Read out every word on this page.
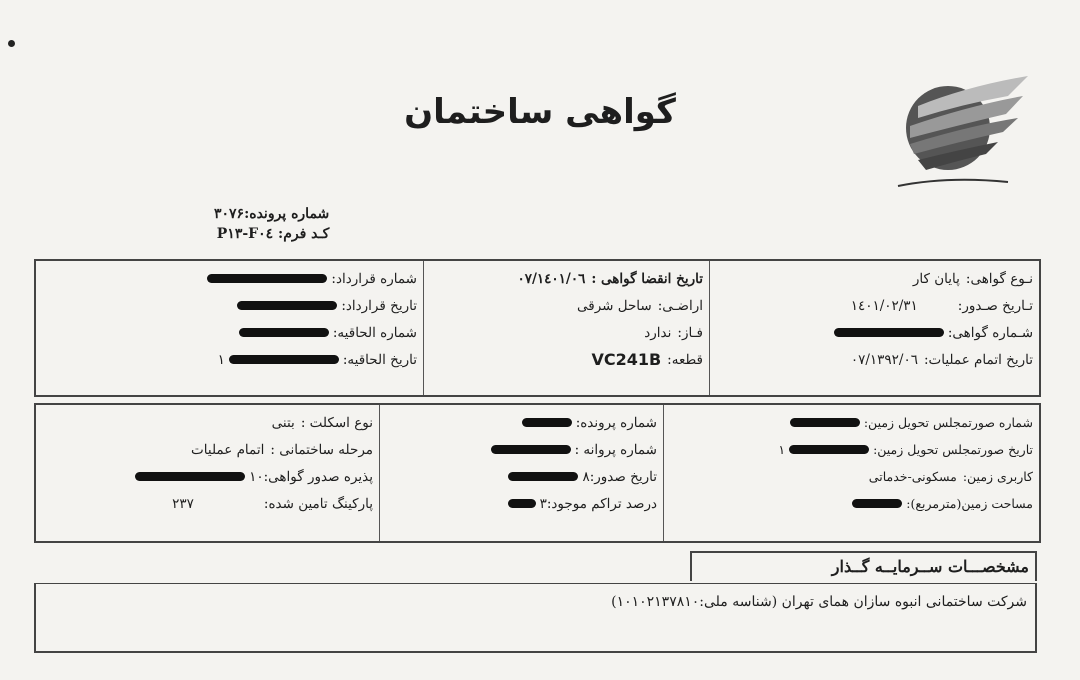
گواهی ساختمان
شماره پرونده:۳۰۷۶
کـد فرم: F۰٤-P۱۳
نـوع گواهی:
پایان کار
تـاریخ صـدور:
۱٤۰۱/۰۲/۳۱
شـماره گواهی:
تاریخ اتمام عملیات:
۱۳۹۲/۰٦/۰۷
تاریخ انقضا گواهی :
۱٤۰۱/۰٦/۰۷
اراضـی:
ساحل شرقی
فـاز:
ندارد
قطعه:
VC241B
شماره قرارداد:
تاریخ قرارداد:
شماره الحاقیه:
تاریخ الحاقیه:
۱
شماره صورتمجلس تحویل زمین:
تاریخ صورتمجلس تحویل زمین:
۱
کاربری زمین:
مسکونی-خدماتی
مساحت زمین(مترمربع):
شماره پرونده:
شماره پروانه :
تاریخ صدور:
۸
درصد تراکم موجود:
۳
نوع اسکلت :
بتنی
مرحله ساختمانی :
اتمام عملیات
پذیره صدور گواهی:
۱۰
پارکینگ تامین شده:
۲۳۷
مشخصـــات ســرمایــه گــذار
شرکت ساختمانی انبوه سازان همای تهران (شناسه ملی:۱۰۱۰۲۱۳۷۸۱۰)
